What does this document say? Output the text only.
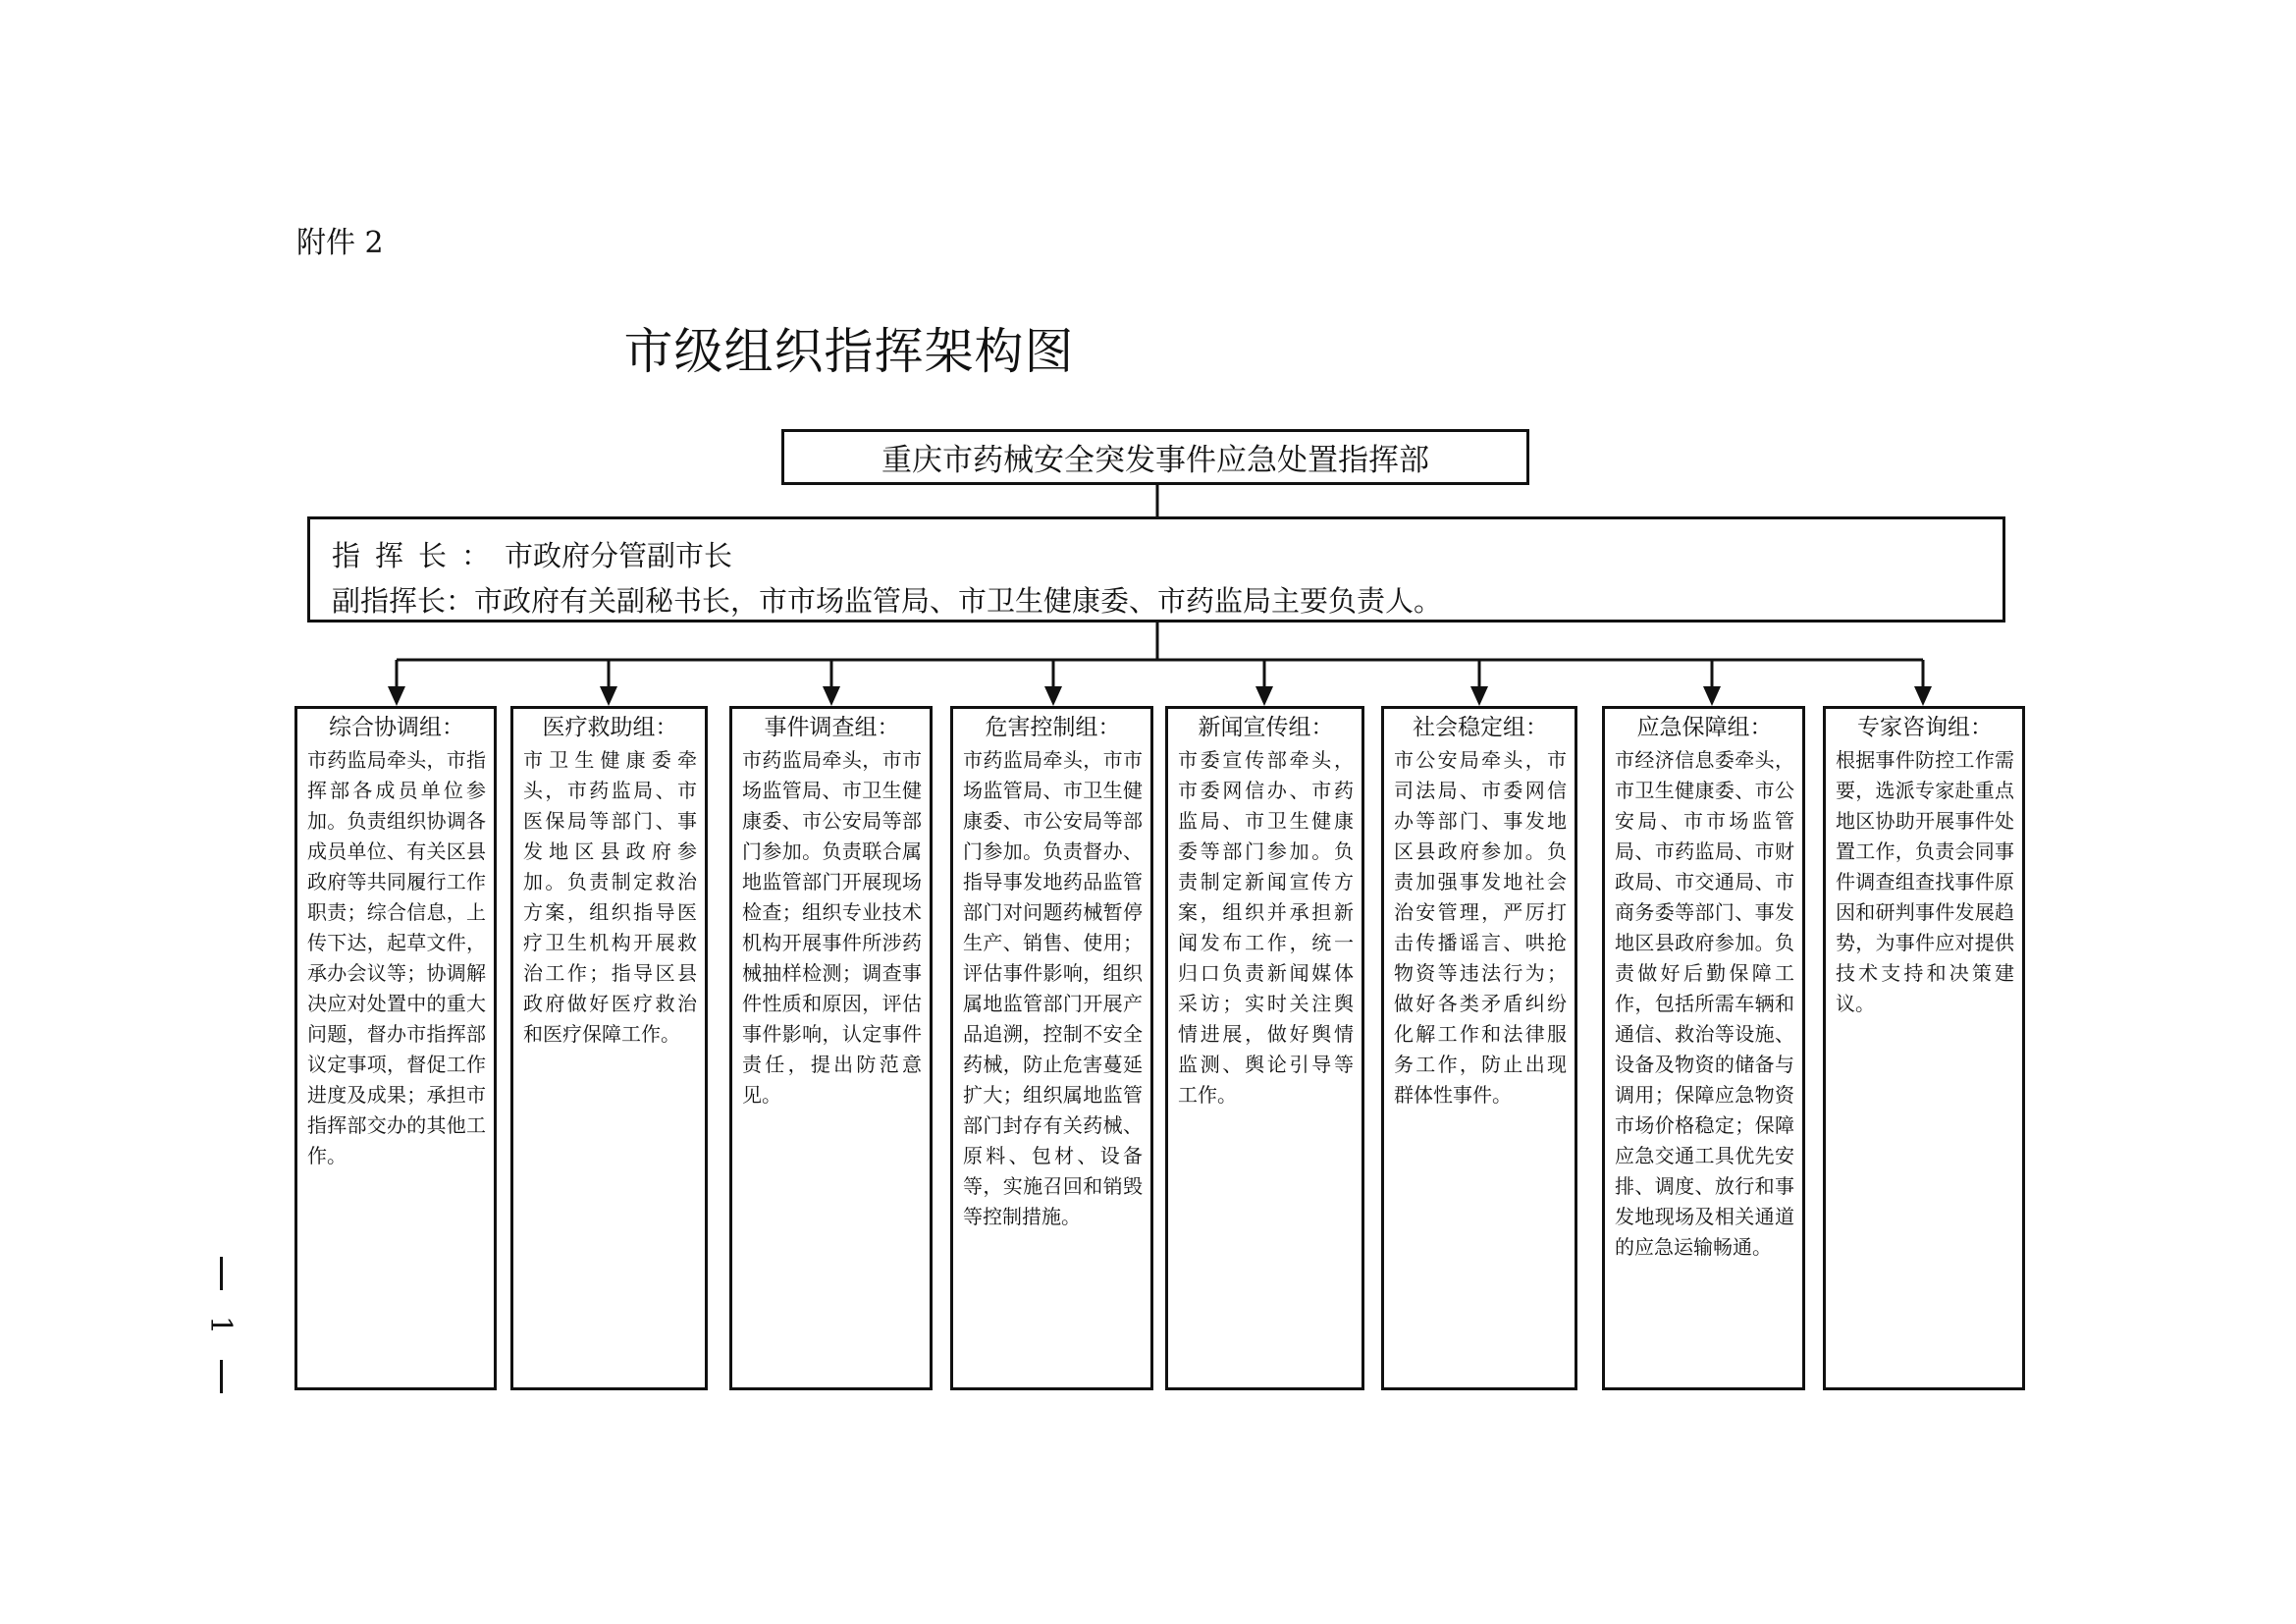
附件 2
市级组织指挥架构图
重庆市药械安全突发事件应急处置指挥部
指挥长：市政府分管副市长
副指挥长：市政府有关副秘书长，市市场监管局、市卫生健康委、市药监局主要负责人。
综合协调组：

市药监局牵头，市指挥部各成员单位参加。负责组织协调各成员单位、有关区县政府等共同履行工作职责；综合信息，上传下达，起草文件，承办会议等；协调解决应对处置中的重大问题，督办市指挥部议定事项，督促工作进度及成果；承担市指挥部交办的其他工作。

医疗救助组：

市卫生健康委牵头，市药监局、市医保局等部门、事发地区县政府参加。负责制定救治方案，组织指导医疗卫生机构开展救治工作；指导区县政府做好医疗救治和医疗保障工作。

事件调查组：

市药监局牵头，市市场监管局、市卫生健康委、市公安局等部门参加。负责联合属地监管部门开展现场检查；组织专业技术机构开展事件所涉药械抽样检测；调查事件性质和原因，评估事件影响，认定事件责任，提出防范意见。

危害控制组：

市药监局牵头，市市场监管局、市卫生健康委、市公安局等部门参加。负责督办、指导事发地药品监管部门对问题药械暂停生产、销售、使用；评估事件影响，组织属地监管部门开展产品追溯，控制不安全药械，防止危害蔓延扩大；组织属地监管部门封存有关药械、原料、包材、设备等，实施召回和销毁等控制措施。

新闻宣传组：

市委宣传部牵头，市委网信办、市药监局、市卫生健康委等部门参加。负责制定新闻宣传方案，组织并承担新闻发布工作，统一归口负责新闻媒体采访；实时关注舆情进展，做好舆情监测、舆论引导等工作。

社会稳定组：

市公安局牵头，市司法局、市委网信办等部门、事发地区县政府参加。负责加强事发地社会治安管理，严厉打击传播谣言、哄抢物资等违法行为；做好各类矛盾纠纷化解工作和法律服务工作，防止出现群体性事件。

应急保障组：

市经济信息委牵头，市卫生健康委、市公安局、市市场监管局、市药监局、市财政局、市交通局、市商务委等部门、事发地区县政府参加。负责做好后勤保障工作，包括所需车辆和通信、救治等设施、设备及物资的储备与调用；保障应急物资市场价格稳定；保障应急交通工具优先安排、调度、放行和事发地现场及相关通道的应急运输畅通。

专家咨询组：

根据事件防控工作需要，选派专家赴重点地区协助开展事件处置工作，负责会同事件调查组查找事件原因和研判事件发展趋势，为事件应对提供技术支持和决策建议。

1
